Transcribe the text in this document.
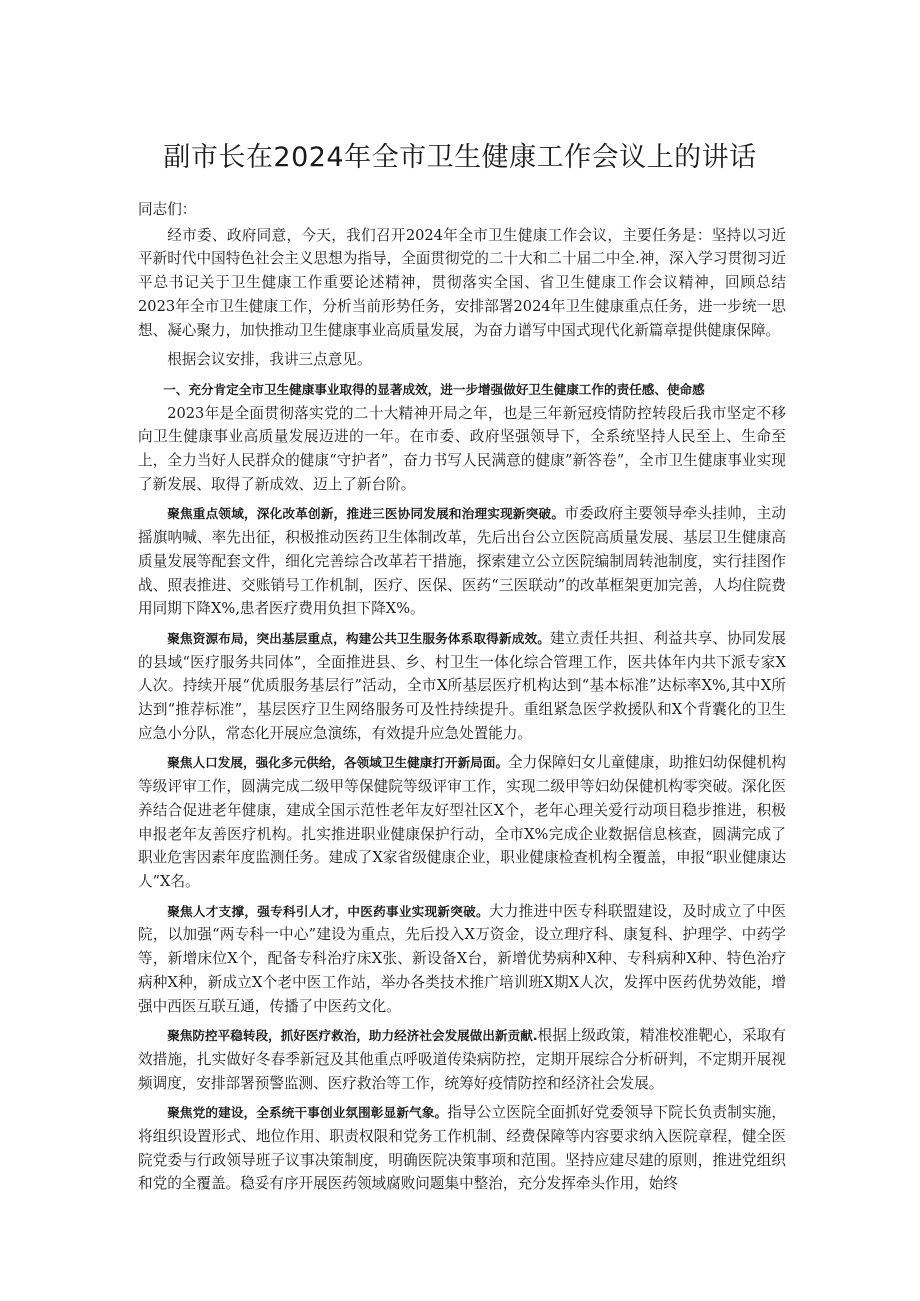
副市长在2024年全市卫生健康工作会议上的讲话

同志们：

经市委、政府同意，今天，我们召开2024年全市卫生健康工作会议，主要任务是：坚持以习近平新时代中国特色社会主义思想为指导，全面贯彻党的二十大和二十届二中全.神，深入学习贯彻习近平总书记关于卫生健康工作重要论述精神，贯彻落实全国、省卫生健康工作会议精神，回顾总结2023年全市卫生健康工作，分析当前形势任务，安排部署2024年卫生健康重点任务，进一步统一思想、凝心聚力，加快推动卫生健康事业高质量发展，为奋力谱写中国式现代化新篇章提供健康保障。

根据会议安排，我讲三点意见。

一、充分肯定全市卫生健康事业取得的显著成效，进一步增强做好卫生健康工作的责任感、使命感

2023年是全面贯彻落实党的二十大精神开局之年，也是三年新冠疫情防控转段后我市坚定不移向卫生健康事业高质量发展迈进的一年。在市委、政府坚强领导下，全系统坚持人民至上、生命至上，全力当好人民群众的健康“守护者”，奋力书写人民满意的健康”新答卷”，全市卫生健康事业实现了新发展、取得了新成效、迈上了新台阶。

聚焦重点领域，深化改革创新，推进三医协同发展和治理实现新突破。市委政府主要领导牵头挂帅，主动摇旗呐喊、率先出征，积极推动医药卫生体制改革，先后出台公立医院高质量发展、基层卫生健康高质量发展等配套文件，细化完善综合改革若干措施，探索建立公立医院编制周转池制度，实行挂图作战、照表推进、交账销号工作机制，医疗、医保、医药“三医联动”的改革框架更加完善，人均住院费用同期下降X%,患者医疗费用负担下降X%。

聚焦资源布局，突出基层重点，构建公共卫生服务体系取得新成效。建立责任共担、利益共享、协同发展的县域“医疗服务共同体”，全面推进县、乡、村卫生一体化综合管理工作，医共体年内共下派专家X人次。持续开展“优质服务基层行”活动，全市X所基层医疗机构达到“基本标准”达标率X%,其中X所达到“推荐标准”，基层医疗卫生网络服务可及性持续提升。重组紧急医学救援队和X个背囊化的卫生应急小分队，常态化开展应急演练，有效提升应急处置能力。

聚焦人口发展，强化多元供给，各领域卫生健康打开新局面。全力保障妇女儿童健康，助推妇幼保健机构等级评审工作，圆满完成二级甲等保健院等级评审工作，实现二级甲等妇幼保健机构零突破。深化医养结合促进老年健康，建成全国示范性老年友好型社区X个，老年心理关爱行动项目稳步推进，积极申报老年友善医疗机构。扎实推进职业健康保护行动，全市X%完成企业数据信息核查，圆满完成了职业危害因素年度监测任务。建成了X家省级健康企业，职业健康检查机构全覆盖，申报“职业健康达人”X名。

聚焦人才支撑，强专科引人才，中医药事业实现新突破。大力推进中医专科联盟建设，及时成立了中医院，以加强“两专科一中心”建设为重点，先后投入X万资金，设立理疗科、康复科、护理学、中药学等，新增床位X个，配备专科治疗床X张、新设备X台，新增优势病种X种、专科病种X种、特色治疗病种X种，新成立X个老中医工作站，举办各类技术推广培训班X期X人次，发挥中医药优势效能，增强中西医互联互通，传播了中医药文化。

聚焦防控平稳转段，抓好医疗救治，助力经济社会发展做出新贡献.根据上级政策，精准校准靶心，采取有效措施，扎实做好冬春季新冠及其他重点呼吸道传染病防控，定期开展综合分析研判，不定期开展视频调度，安排部署预警监测、医疗救治等工作，统筹好疫情防控和经济社会发展。

聚焦党的建设，全系统干事创业氛围彰显新气象。指导公立医院全面抓好党委领导下院长负责制实施，将组织设置形式、地位作用、职责权限和党务工作机制、经费保障等内容要求纳入医院章程，健全医院党委与行政领导班子议事决策制度，明确医院决策事项和范围。坚持应建尽建的原则，推进党组织和党的全覆盖。稳妥有序开展医药领域腐败问题集中整治，充分发挥牵头作用，始终
